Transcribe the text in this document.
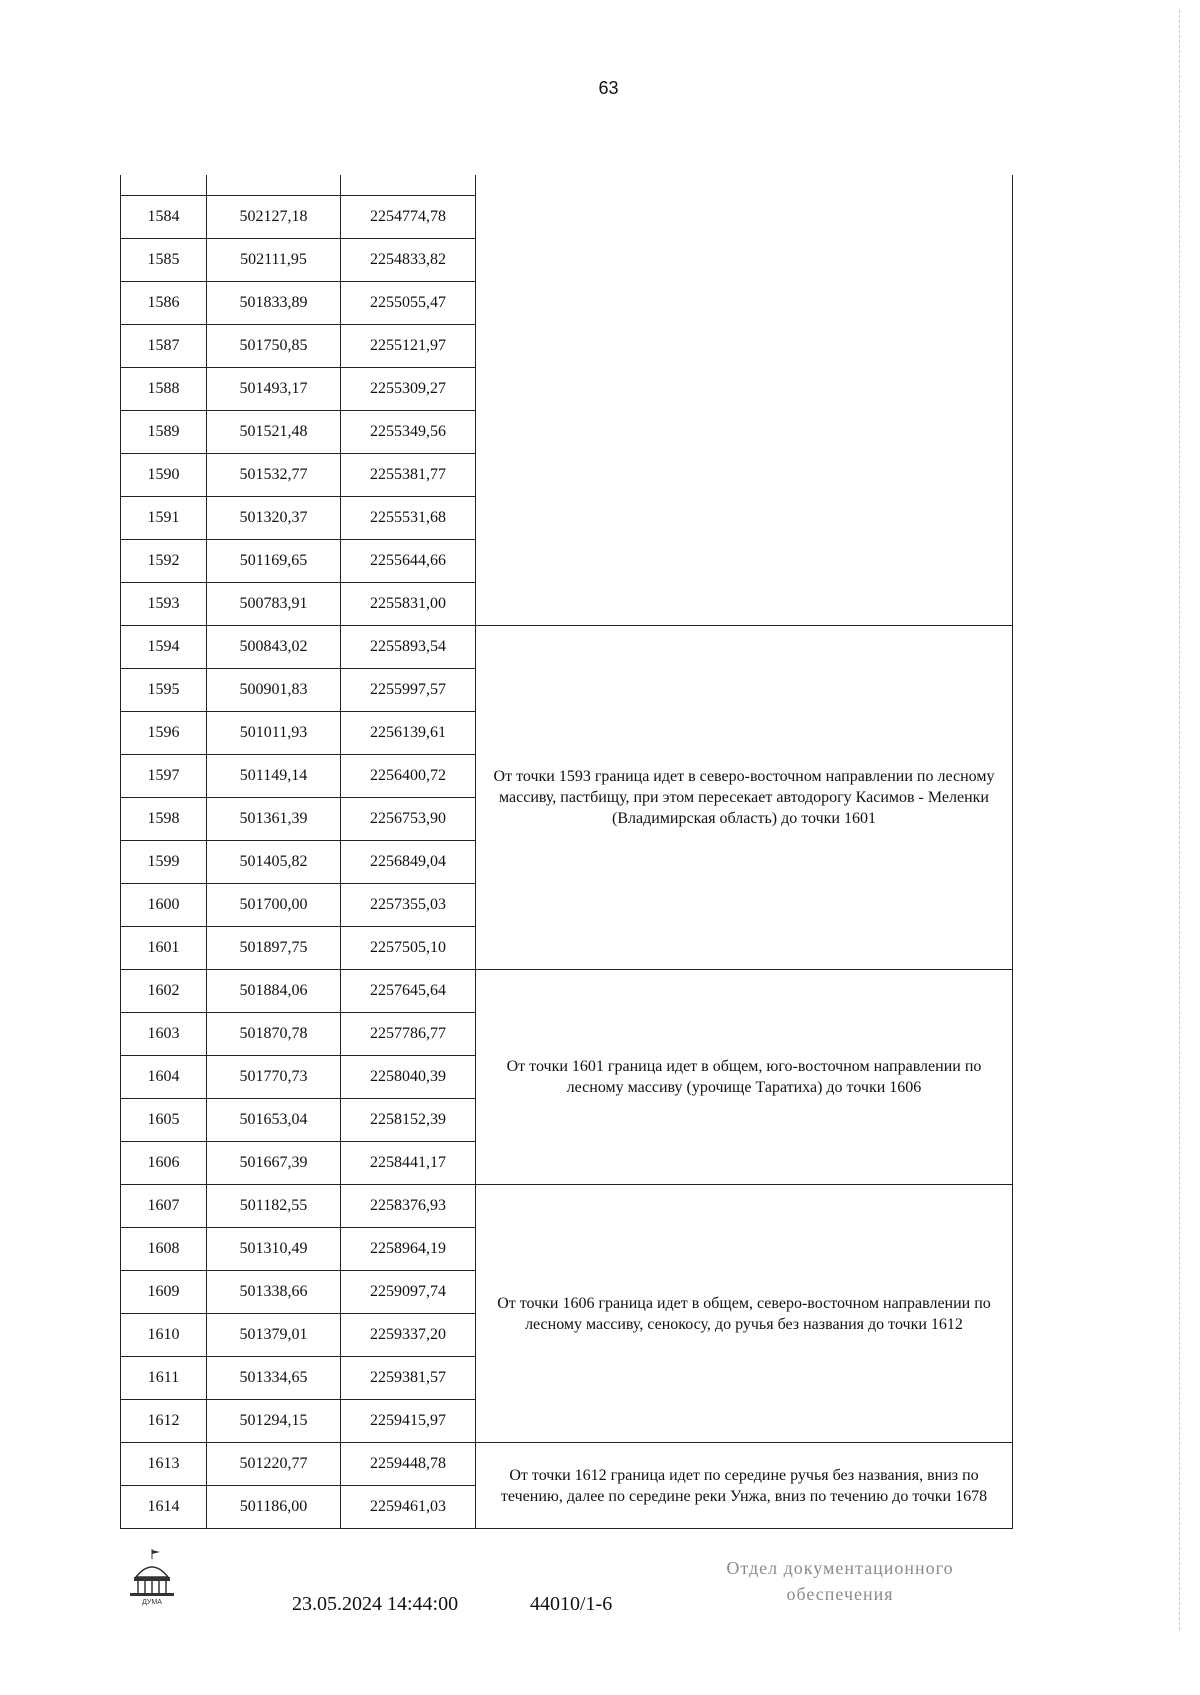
63

1584	502127,18	2254774,78	
1585	502111,95	2254833,82	
1586	501833,89	2255055,47	
1587	501750,85	2255121,97	
1588	501493,17	2255309,27	
1589	501521,48	2255349,56	
1590	501532,77	2255381,77	
1591	501320,37	2255531,68	
1592	501169,65	2255644,66	
1593	500783,91	2255831,00	
1594	500843,02	2255893,54	От точки 1593 граница идет в северо-восточном направлении по лесному массиву, пастбищу, при этом пересекает автодорогу Касимов - Меленки (Владимирская область) до точки 1601
1595	500901,83	2255997,57	
1596	501011,93	2256139,61	
1597	501149,14	2256400,72	
1598	501361,39	2256753,90	
1599	501405,82	2256849,04	
1600	501700,00	2257355,03	
1601	501897,75	2257505,10	
1602	501884,06	2257645,64	От точки 1601 граница идет в общем, юго-восточном направлении по лесному массиву (урочище Таратиха) до точки 1606
1603	501870,78	2257786,77	
1604	501770,73	2258040,39	
1605	501653,04	2258152,39	
1606	501667,39	2258441,17	
1607	501182,55	2258376,93	От точки 1606 граница идет в общем, северо-восточном направлении по лесному массиву, сенокосу, до ручья без названия до точки 1612
1608	501310,49	2258964,19	
1609	501338,66	2259097,74	
1610	501379,01	2259337,20	
1611	501334,65	2259381,57	
1612	501294,15	2259415,97	
1613	501220,77	2259448,78	От точки 1612 граница идет по середине ручья без названия, вниз по течению, далее по середине реки Унжа, вниз по течению до точки 1678
1614	501186,00	2259461,03	
ДУМА	23.05.2024 14:44:00	44010/1-6
Отдел документационного
обеспечения
